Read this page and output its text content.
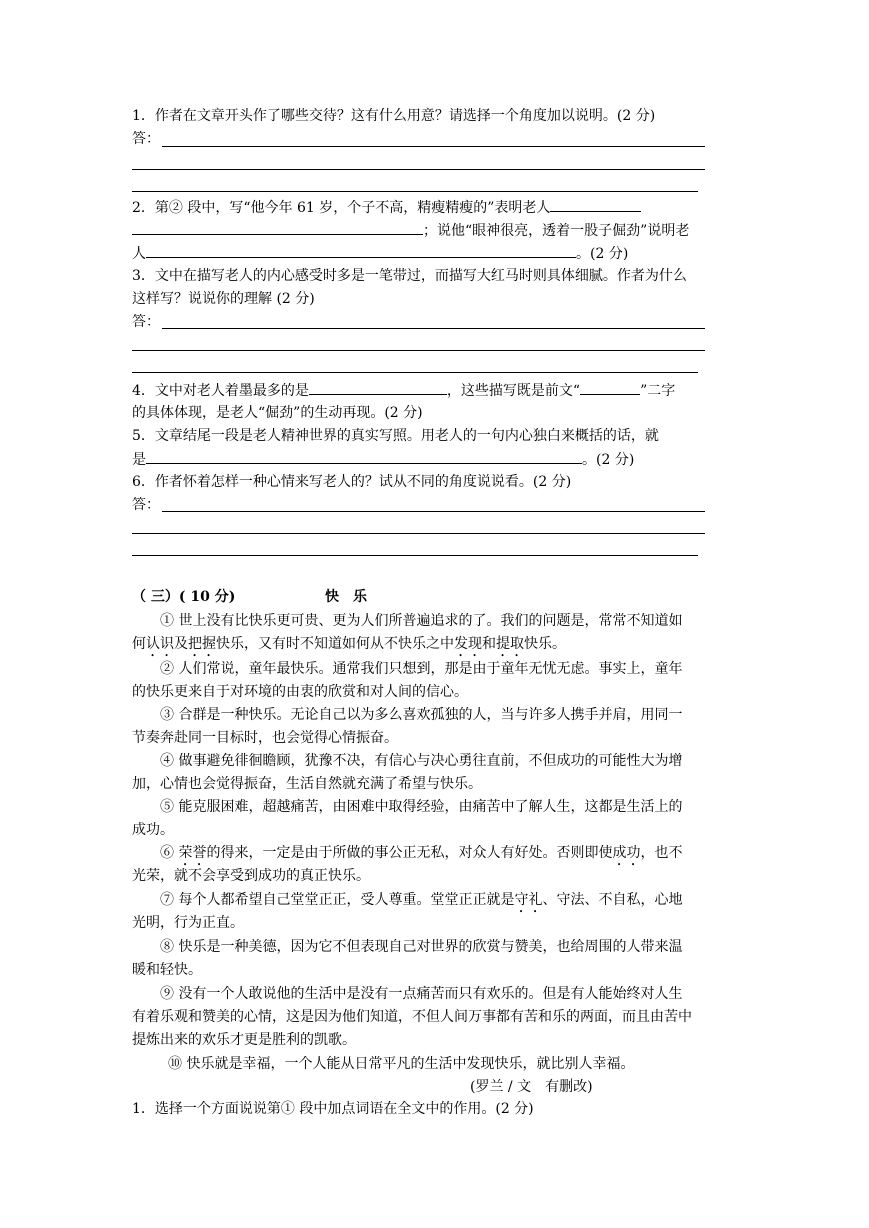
1．作者在文章开头作了哪些交待？这有什么用意？请选择一个角度加以说明。(2 分)
答：
2．第② 段中，写“他今年 61 岁，个子不高，精瘦精瘦的”表明老人
；说他“眼神很亮，透着一股子倔劲”说明老
人	。(2 分)
3．文中在描写老人的内心感受时多是一笔带过，而描写大红马时则具体细腻。作者为什么
这样写？说说你的理解 (2 分)
答：
4．文中对老人着墨最多的是	，这些描写既是前文“	”二字
的具体体现，是老人“倔劲”的生动再现。(2 分)
5．文章结尾一段是老人精神世界的真实写照。用老人的一句内心独白来概括的话，就
是	。(2 分)
6．作者怀着怎样一种心情来写老人的？试从不同的角度说说看。(2 分)
答：
（ 三）( 10 分)	快　乐
① 世上没有比快乐更可贵、更为人们所普遍追求的了。我们的问题是，常常不知道如
何认识及把握快乐，又有时不知道如何从不快乐之中发现和提取快乐。
② 人们常说，童年最快乐。通常我们只想到，那是由于童年无忧无虑。事实上，童年
的快乐更来自于对环境的由衷的欣赏和对人间的信心。
③ 合群是一种快乐。无论自己以为多么喜欢孤独的人，当与许多人携手并肩，用同一
节奏奔赴同一目标时，也会觉得心情振奋。
④ 做事避免徘徊瞻顾，犹豫不决，有信心与决心勇往直前，不但成功的可能性大为增
加，心情也会觉得振奋，生活自然就充满了希望与快乐。
⑤ 能克服困难，超越痛苦，由困难中取得经验，由痛苦中了解人生，这都是生活上的
成功。
⑥ 荣誉的得来，一定是由于所做的事公正无私，对众人有好处。否则即使成功，也不
光荣，就不会享受到成功的真正快乐。
⑦ 每个人都希望自己堂堂正正，受人尊重。堂堂正正就是守礼、守法、不自私，心地
光明，行为正直。
⑧ 快乐是一种美德，因为它不但表现自己对世界的欣赏与赞美，也给周围的人带来温
暖和轻快。
⑨ 没有一个人敢说他的生活中是没有一点痛苦而只有欢乐的。但是有人能始终对人生
有着乐观和赞美的心情，这是因为他们知道，不但人间万事都有苦和乐的两面，而且由苦中
提炼出来的欢乐才更是胜利的凯歌。
⑩ 快乐就是幸福，一个人能从日常平凡的生活中发现快乐，就比别人幸福。
(罗兰 / 文　有删改)
1．选择一个方面说说第① 段中加点词语在全文中的作用。(2 分)
